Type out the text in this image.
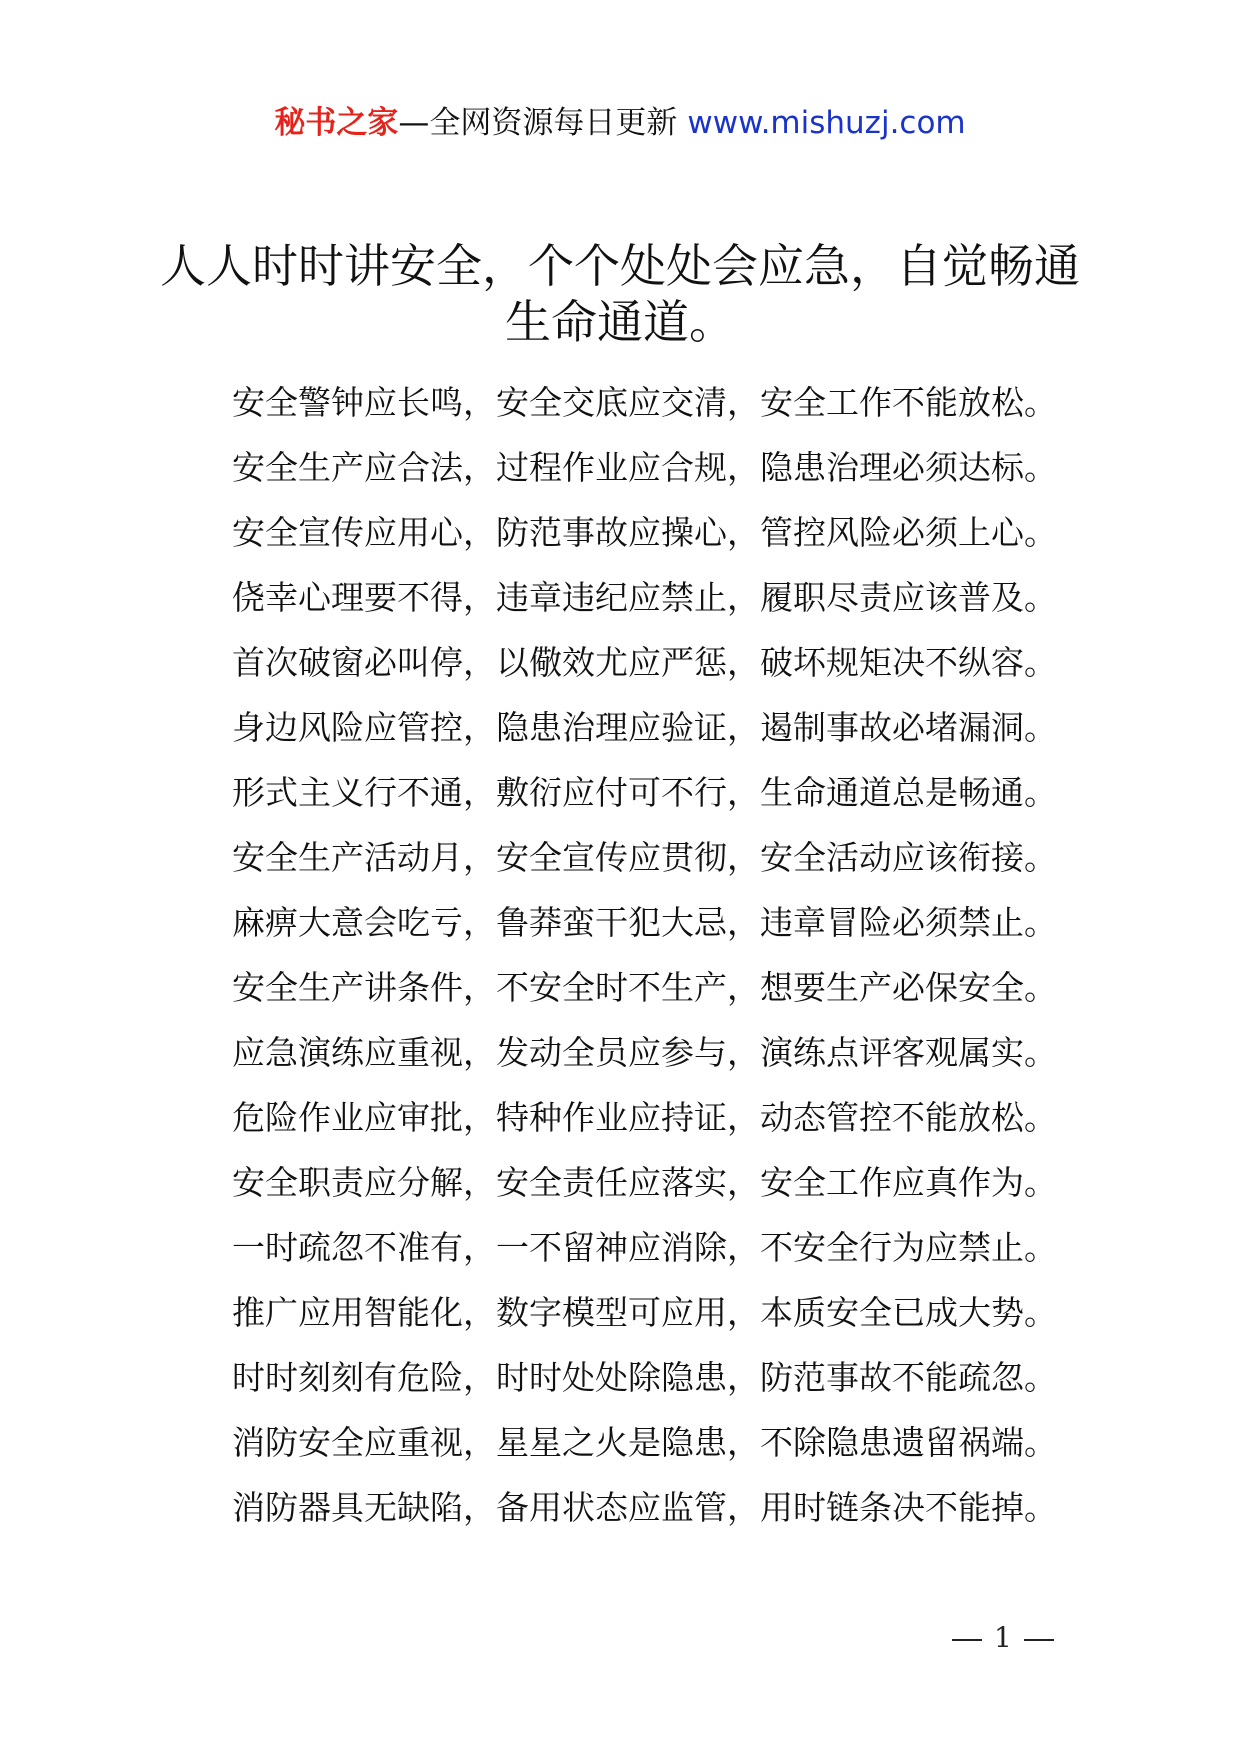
秘书之家—全网资源每日更新 www.mishuzj.com
人人时时讲安全，个个处处会应急，自觉畅通
生命通道。
安全警钟应长鸣，安全交底应交清，安全工作不能放松。
安全生产应合法，过程作业应合规，隐患治理必须达标。
安全宣传应用心，防范事故应操心，管控风险必须上心。
侥幸心理要不得，违章违纪应禁止，履职尽责应该普及。
首次破窗必叫停，以儆效尤应严惩，破坏规矩决不纵容。
身边风险应管控，隐患治理应验证，遏制事故必堵漏洞。
形式主义行不通，敷衍应付可不行，生命通道总是畅通。
安全生产活动月，安全宣传应贯彻，安全活动应该衔接。
麻痹大意会吃亏，鲁莽蛮干犯大忌，违章冒险必须禁止。
安全生产讲条件，不安全时不生产，想要生产必保安全。
应急演练应重视，发动全员应参与，演练点评客观属实。
危险作业应审批，特种作业应持证，动态管控不能放松。
安全职责应分解，安全责任应落实，安全工作应真作为。
一时疏忽不准有，一不留神应消除，不安全行为应禁止。
推广应用智能化，数字模型可应用，本质安全已成大势。
时时刻刻有危险，时时处处除隐患，防范事故不能疏忽。
消防安全应重视，星星之火是隐患，不除隐患遗留祸端。
消防器具无缺陷，备用状态应监管，用时链条决不能掉。
1
